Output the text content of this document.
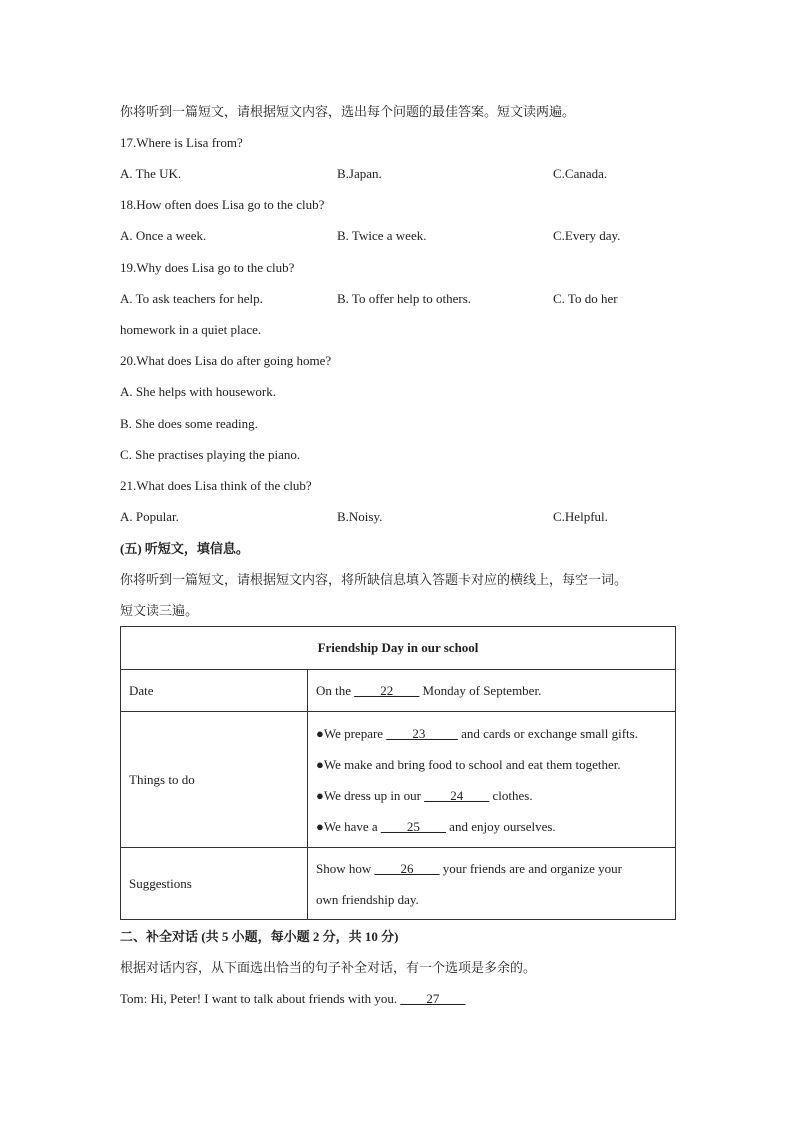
你将听到一篇短文，请根据短文内容，选出每个问题的最佳答案。短文读两遍。
17.Where is Lisa from?
A. The UK.	B.Japan.	C.Canada.
18.How often does Lisa go to the club?
A. Once a week.	B. Twice a week.	C.Every day.
19.Why does Lisa go to the club?
A. To ask teachers for help.	B. To offer help to others.	C. To do her
homework in a quiet place.
20.What does Lisa do after going home?
A. She helps with housework.
B. She does some reading.
C. She practises playing the piano.
21.What does Lisa think of the club?
A. Popular.	B.Noisy.	C.Helpful.
(五) 听短文，填信息。
你将听到一篇短文，请根据短文内容，将所缺信息填入答题卡对应的横线上，每空一词。
短文读三遍。
Friendship Day in our school	
Date	On the ____22____ Monday of September.

Things to do	●We prepare ____23_____ and cards or exchange small gifts.
●We make and bring food to school and eat them together.
●We dress up in our ____24____ clothes.
●We have a ____25____ and enjoy ourselves.

Suggestions	Show how ____26____ your friends are and organize your
own friendship day.
二、补全对话 (共 5 小题，每小题 2 分，共 10 分)
根据对话内容，从下面选出恰当的句子补全对话，有一个选项是多余的。
Tom: Hi, Peter! I want to talk about friends with you. ____27____
